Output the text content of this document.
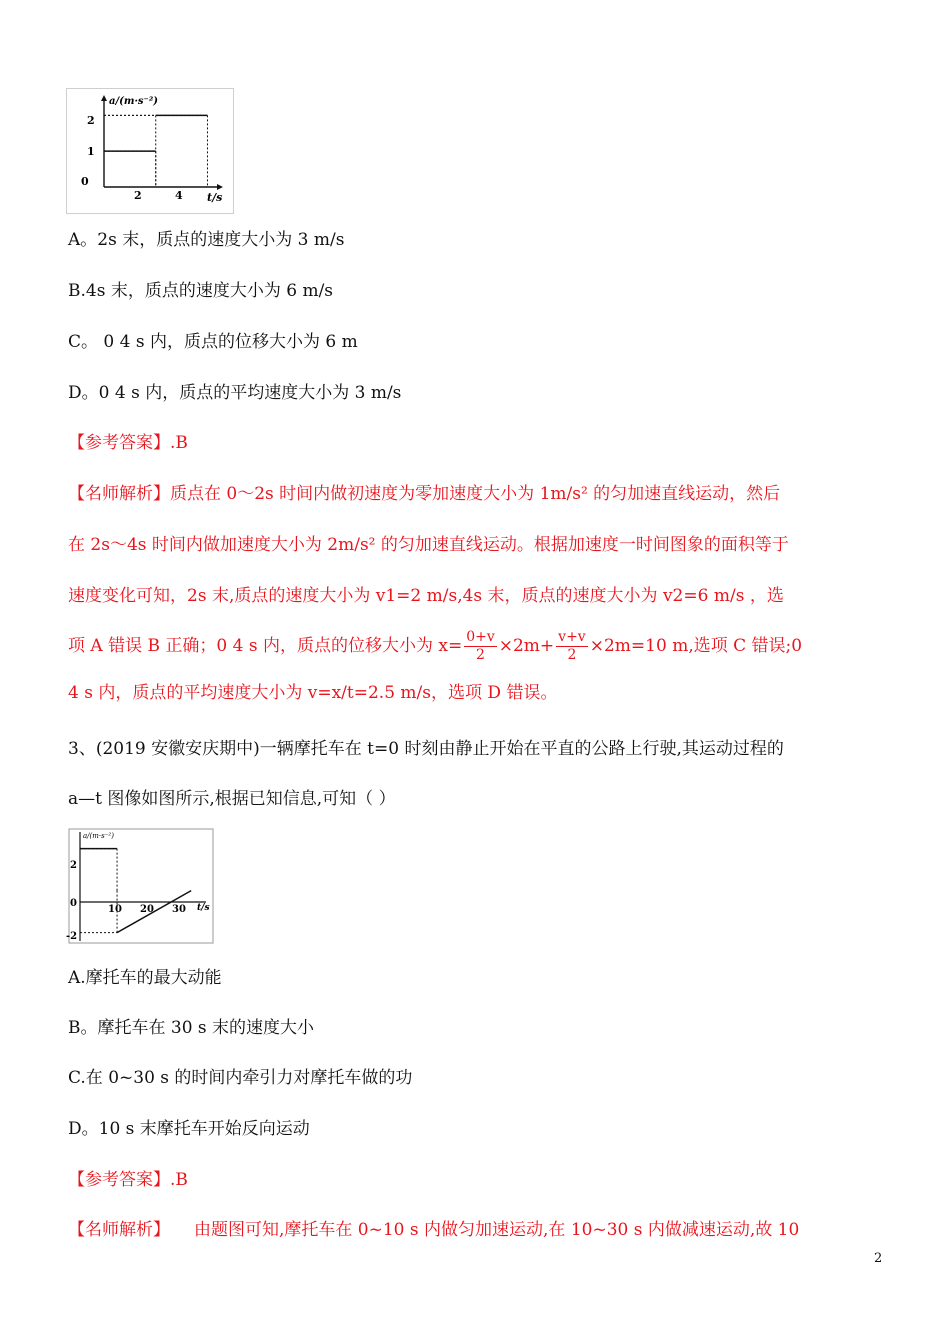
a/(m·s⁻²)
t/s
2
1
0
2	4
A。2s 末，质点的速度大小为 3 m/s
B.4s 末，质点的速度大小为 6 m/s
C。 0 4 s 内，质点的位移大小为 6 m
D。0 4 s 内，质点的平均速度大小为 3 m/s
【参考答案】.B
【名师解析】质点在 0～2s 时间内做初速度为零加速度大小为 1m/s² 的匀加速直线运动，然后
在 2s～4s 时间内做加速度大小为 2m/s² 的匀加速直线运动。根据加速度一时间图象的面积等于
速度变化可知，2s 末,质点的速度大小为 v1=2 m/s,4s 末，质点的速度大小为 v2=6 m/s ，选
项 A 错误 B 正确；0 4 s 内，质点的位移大小为 $x= \frac{0+v}{2} \times 2m+ \frac{v+v}{2} \times 2m=10$ m,选项 C 错误;0
4 s 内，质点的平均速度大小为 v=x/t=2.5 m/s，选项 D 错误。
3、(2019 安徽安庆期中)一辆摩托车在 t=0 时刻由静止开始在平直的公路上行驶,其运动过程的
a—t 图像如图所示,根据已知信息,可知（ ）
a/(m·s⁻²)
t/s
2
0
-2
10 20 30
A.摩托车的最大动能
B。摩托车在 30 s 末的速度大小
C.在 0~30 s 的时间内牵引力对摩托车做的功
D。10 s 末摩托车开始反向运动
【参考答案】.B
【名师解析】 由题图可知,摩托车在 0~10 s 内做匀加速运动,在 10~30 s 内做减速运动,故 10
2
